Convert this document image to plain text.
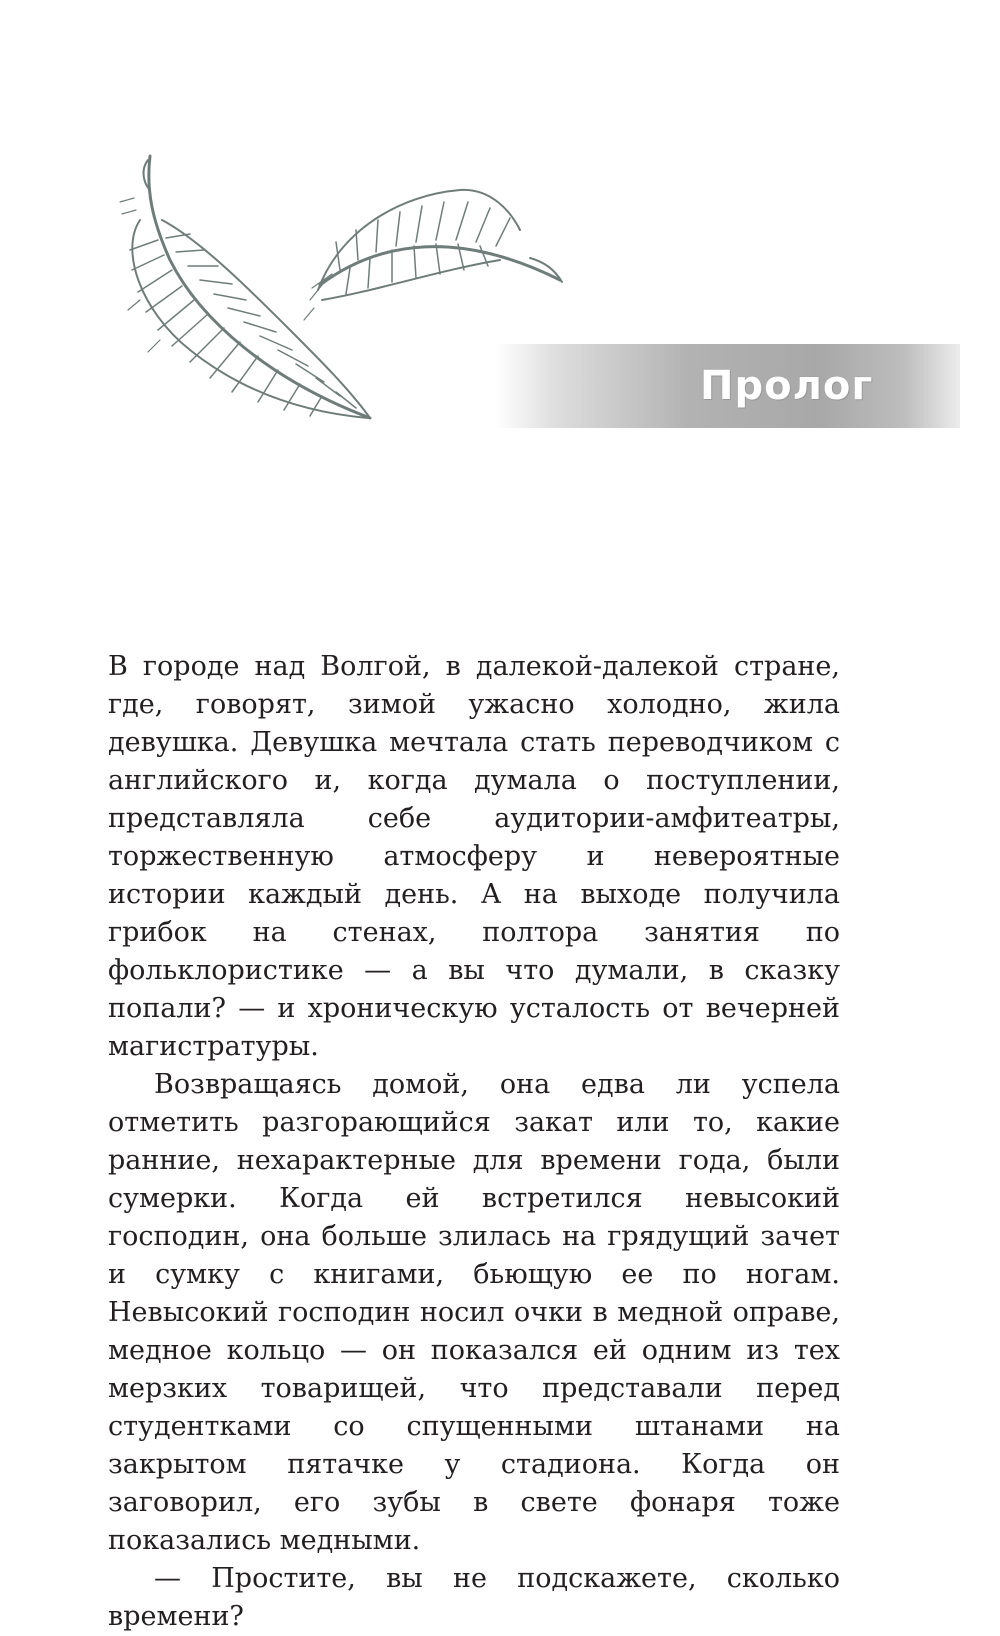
Пролог

В городе над Волгой, в далекой-далекой стране, где, говорят, зимой ужасно холодно, жила девушка. Девушка мечтала стать переводчиком с английского и, когда думала о поступлении, представляла себе аудитории-амфитеатры, торжественную атмосферу и невероятные истории каждый день. А на выходе получила грибок на стенах, полтора занятия по фольклористике — а вы что думали, в сказку попали? — и хроническую усталость от вечерней магистратуры.

Возвращаясь домой, она едва ли успела отметить разгорающийся закат или то, какие ранние, нехарактерные для времени года, были сумерки. Когда ей встретился невысокий господин, она больше злилась на грядущий зачет и сумку с книгами, бьющую ее по ногам. Невысокий господин носил очки в медной оправе, медное кольцо — он показался ей одним из тех мерзких товарищей, что представали перед студентками со спущенными штанами на закрытом пятачке у стадиона. Когда он заговорил, его зубы в свете фонаря тоже показались медными.

— Простите, вы не подскажете, сколько времени?
